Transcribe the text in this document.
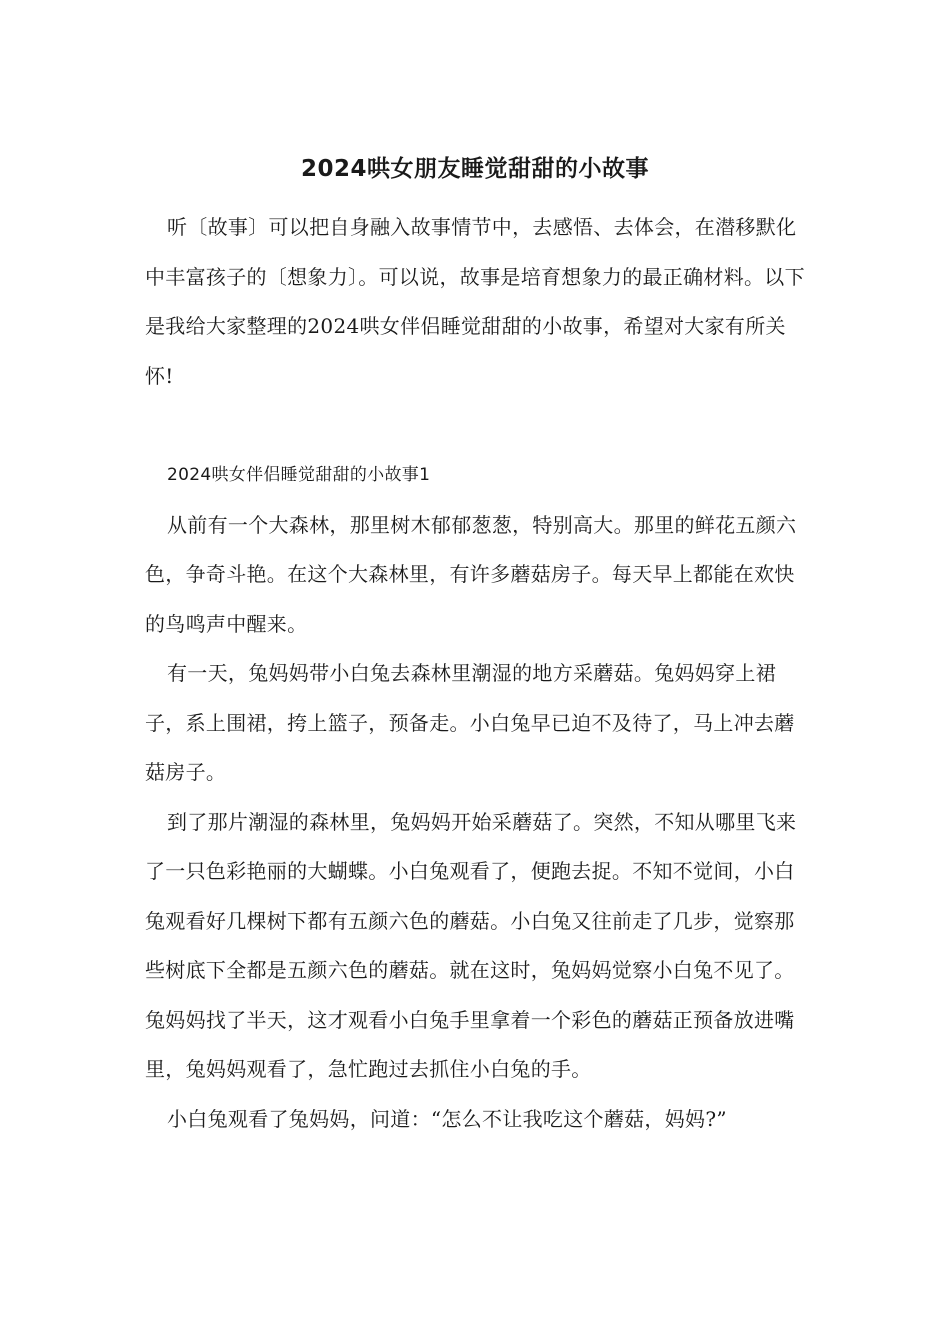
2024哄女朋友睡觉甜甜的小故事

听〔故事〕可以把自身融入故事情节中，去感悟、去体会，在潜移默化中丰富孩子的〔想象力〕。可以说，故事是培育想象力的最正确材料。以下是我给大家整理的2024哄女伴侣睡觉甜甜的小故事，希望对大家有所关怀!

2024哄女伴侣睡觉甜甜的小故事1

从前有一个大森林，那里树木郁郁葱葱，特别高大。那里的鲜花五颜六色，争奇斗艳。在这个大森林里，有许多蘑菇房子。每天早上都能在欢快的鸟鸣声中醒来。

有一天，兔妈妈带小白兔去森林里潮湿的地方采蘑菇。兔妈妈穿上裙子，系上围裙，挎上篮子，预备走。小白兔早已迫不及待了，马上冲去蘑菇房子。

到了那片潮湿的森林里，兔妈妈开始采蘑菇了。突然，不知从哪里飞来了一只色彩艳丽的大蝴蝶。小白兔观看了，便跑去捉。不知不觉间，小白兔观看好几棵树下都有五颜六色的蘑菇。小白兔又往前走了几步，觉察那些树底下全都是五颜六色的蘑菇。就在这时，兔妈妈觉察小白兔不见了。兔妈妈找了半天，这才观看小白兔手里拿着一个彩色的蘑菇正预备放进嘴里，兔妈妈观看了，急忙跑过去抓住小白兔的手。

小白兔观看了兔妈妈，问道：“怎么不让我吃这个蘑菇，妈妈?”
